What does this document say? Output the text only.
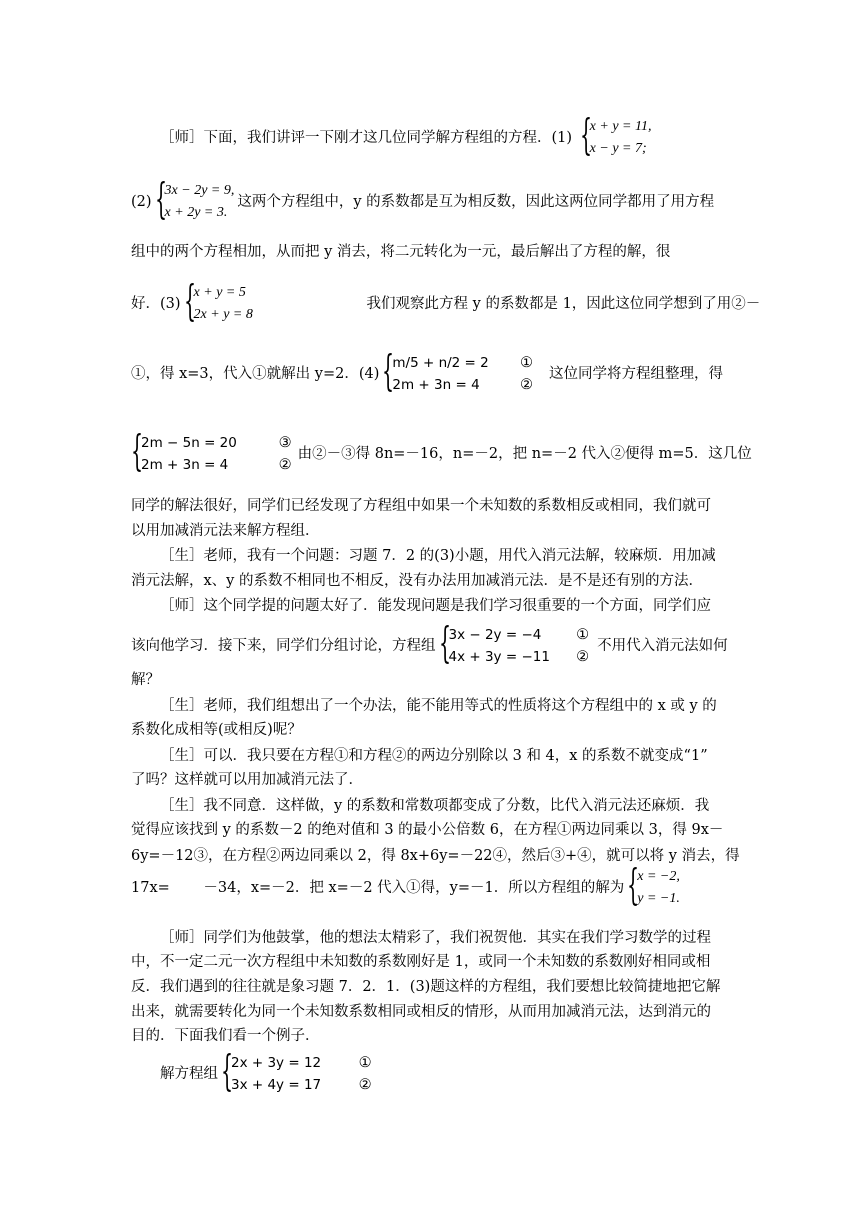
［师］下面，我们讲评一下刚才这几位同学解方程组的方程．(1) {
x + y = 11,
x − y = 7;
(2) {
3x − 2y = 9,
x + 2y = 3.
这两个方程组中，y 的系数都是互为相反数，因此这两位同学都用了用方程
组中的两个方程相加，从而把 y 消去，将二元转化为一元，最后解出了方程的解，很
好．(3) {
x + y = 5
2x + y = 8
我们观察此方程 y 的系数都是 1，因此这位同学想到了用②－
①，得 x=3，代入①就解出 y=2．(4) {
m/5 + n/2 = 2
2m + 3n = 4

①
②
这位同学将方程组整理，得
{
2m − 5n = 20
2m + 3n = 4

③
②
由②－③得 8n=－16，n=－2，把 n=－2 代入②便得 m=5．这几位
同学的解法很好，同学们已经发现了方程组中如果一个未知数的系数相反或相同，我们就可
以用加减消元法来解方程组．
［生］老师，我有一个问题：习题 7．2 的(3)小题，用代入消元法解，较麻烦．用加减
消元法解，x、y 的系数不相同也不相反，没有办法用加减消元法．是不是还有别的方法．
［师］这个同学提的问题太好了．能发现问题是我们学习很重要的一个方面，同学们应
该向他学习．接下来，同学们分组讨论，方程组 {
3x − 2y = −4
4x + 3y = −11

①
②
不用代入消元法如何
解？
［生］老师，我们组想出了一个办法，能不能用等式的性质将这个方程组中的 x 或 y 的
系数化成相等(或相反)呢？
［生］可以．我只要在方程①和方程②的两边分别除以 3 和 4，x 的系数不就变成“1”
了吗？这样就可以用加减消元法了．
［生］我不同意．这样做，y 的系数和常数项都变成了分数，比代入消元法还麻烦．我
觉得应该找到 y 的系数－2 的绝对值和 3 的最小公倍数 6，在方程①两边同乘以 3，得 9x－
6y=－12③，在方程②两边同乘以 2，得 8x+6y=－22④，然后③+④，就可以将 y 消去，得
17x=　　 －34，x=－2．把 x=－2 代入①得，y=－1．所以方程组的解为 {
x = −2,
y = −1.
［师］同学们为他鼓掌，他的想法太精彩了，我们祝贺他．其实在我们学习数学的过程
中，不一定二元一次方程组中未知数的系数刚好是 1，或同一个未知数的系数刚好相同或相
反．我们遇到的往往就是象习题 7．2．1．(3)题这样的方程组，我们要想比较简捷地把它解
出来，就需要转化为同一个未知数系数相同或相反的情形，从而用加减消元法，达到消元的
目的．下面我们看一个例子．
解方程组 {
2x + 3y = 12
3x + 4y = 17

①
②
